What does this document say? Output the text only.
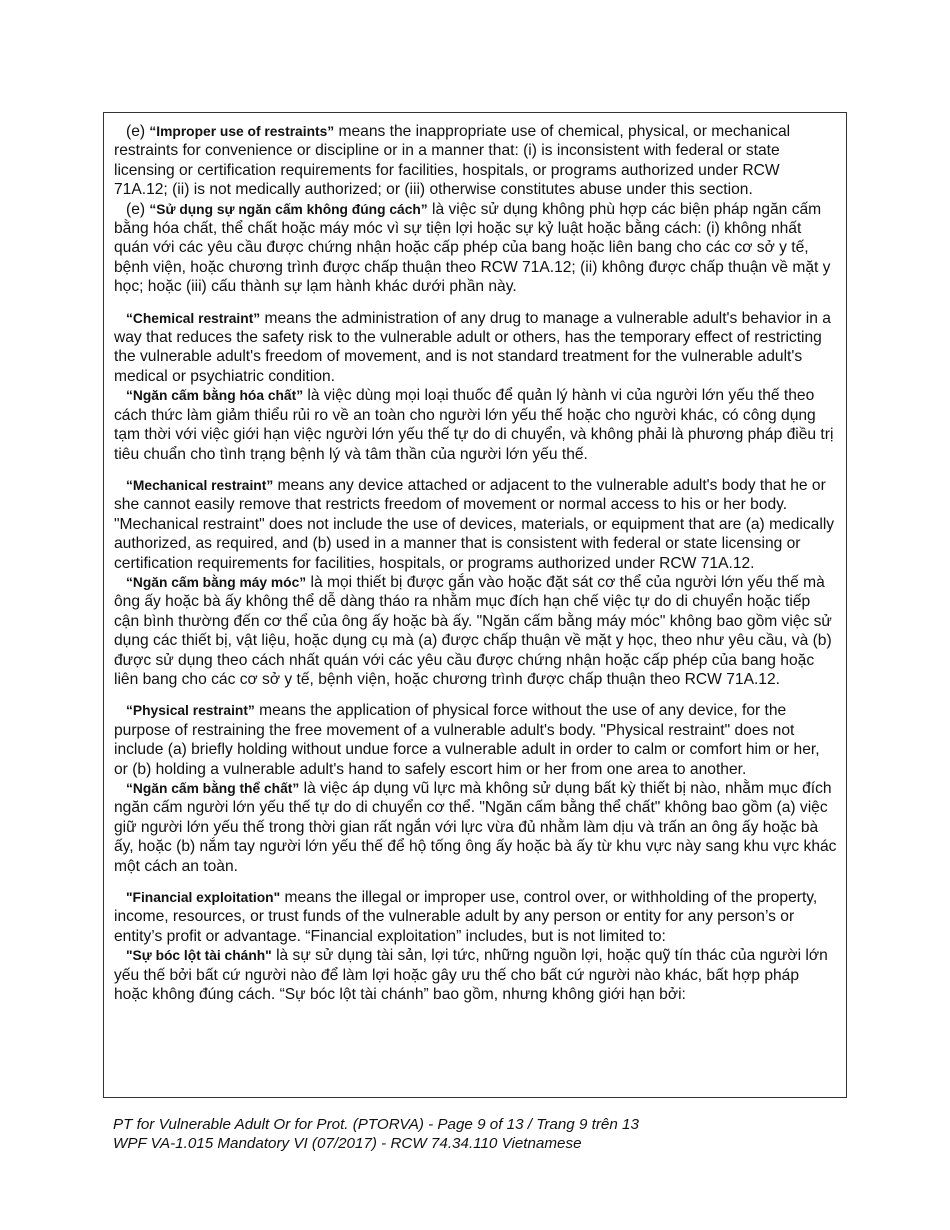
(e) “Improper use of restraints” means the inappropriate use of chemical, physical, or mechanical restraints for convenience or discipline or in a manner that: (i) is inconsistent with federal or state licensing or certification requirements for facilities, hospitals, or programs authorized under RCW 71A.12; (ii) is not medically authorized; or (iii) otherwise constitutes abuse under this section.

(e) “Sử dụng sự ngăn cấm không đúng cách” là việc sử dụng không phù hợp các biện pháp ngăn cấm bằng hóa chất, thể chất hoặc máy móc vì sự tiện lợi hoặc sự kỷ luật hoặc bằng cách: (i) không nhất quán với các yêu cầu được chứng nhận hoặc cấp phép của bang hoặc liên bang cho các cơ sở y tế, bệnh viện, hoặc chương trình được chấp thuận theo RCW 71A.12; (ii) không được chấp thuận về mặt y học; hoặc (iii) cấu thành sự lạm hành khác dưới phần này.

“Chemical restraint” means the administration of any drug to manage a vulnerable adult's behavior in a way that reduces the safety risk to the vulnerable adult or others, has the temporary effect of restricting the vulnerable adult's freedom of movement, and is not standard treatment for the vulnerable adult's medical or psychiatric condition.

“Ngăn cấm bằng hóa chất” là việc dùng mọi loại thuốc để quản lý hành vi của người lớn yếu thế theo cách thức làm giảm thiểu rủi ro về an toàn cho người lớn yếu thế hoặc cho người khác, có công dụng tạm thời với việc giới hạn việc người lớn yếu thế tự do di chuyển, và không phải là phương pháp điều trị tiêu chuẩn cho tình trạng bệnh lý và tâm thần của người lớn yếu thế.

“Mechanical restraint” means any device attached or adjacent to the vulnerable adult's body that he or she cannot easily remove that restricts freedom of movement or normal access to his or her body. "Mechanical restraint" does not include the use of devices, materials, or equipment that are (a) medically authorized, as required, and (b) used in a manner that is consistent with federal or state licensing or certification requirements for facilities, hospitals, or programs authorized under RCW 71A.12.

“Ngăn cấm bằng máy móc” là mọi thiết bị được gắn vào hoặc đặt sát cơ thể của người lớn yếu thế mà ông ấy hoặc bà ấy không thể dễ dàng tháo ra nhằm mục đích hạn chế việc tự do di chuyển hoặc tiếp cận bình thường đến cơ thể của ông ấy hoặc bà ấy. "Ngăn cấm bằng máy móc" không bao gồm việc sử dụng các thiết bị, vật liệu, hoặc dụng cụ mà (a) được chấp thuận về mặt y học, theo như yêu cầu, và (b) được sử dụng theo cách nhất quán với các yêu cầu được chứng nhận hoặc cấp phép của bang hoặc liên bang cho các cơ sở y tế, bệnh viện, hoặc chương trình được chấp thuận theo RCW 71A.12.

“Physical restraint” means the application of physical force without the use of any device, for the purpose of restraining the free movement of a vulnerable adult's body. "Physical restraint" does not include (a) briefly holding without undue force a vulnerable adult in order to calm or comfort him or her, or (b) holding a vulnerable adult's hand to safely escort him or her from one area to another.

“Ngăn cấm bằng thể chất” là việc áp dụng vũ lực mà không sử dụng bất kỳ thiết bị nào, nhằm mục đích ngăn cấm người lớn yếu thế tự do di chuyển cơ thể. "Ngăn cấm bằng thể chất" không bao gồm (a) việc giữ người lớn yếu thế trong thời gian rất ngắn với lực vừa đủ nhằm làm dịu và trấn an ông ấy hoặc bà ấy, hoặc (b) nắm tay người lớn yếu thế để hộ tống ông ấy hoặc bà ấy từ khu vực này sang khu vực khác một cách an toàn.

"Financial exploitation" means the illegal or improper use, control over, or withholding of the property, income, resources, or trust funds of the vulnerable adult by any person or entity for any person’s or entity’s profit or advantage. “Financial exploitation” includes, but is not limited to:

"Sự bóc lột tài chánh" là sự sử dụng tài sản, lợi tức, những nguồn lợi, hoặc quỹ tín thác của người lớn yếu thế bởi bất cứ người nào để làm lợi hoặc gây ưu thế cho bất cứ người nào khác, bất hợp pháp hoặc không đúng cách. “Sự bóc lột tài chánh” bao gồm, nhưng không giới hạn bởi:

PT for Vulnerable Adult Or for Prot. (PTORVA) - Page 9 of 13 / Trang 9 trên 13
WPF VA-1.015 Mandatory VI (07/2017) - RCW 74.34.110 Vietnamese
